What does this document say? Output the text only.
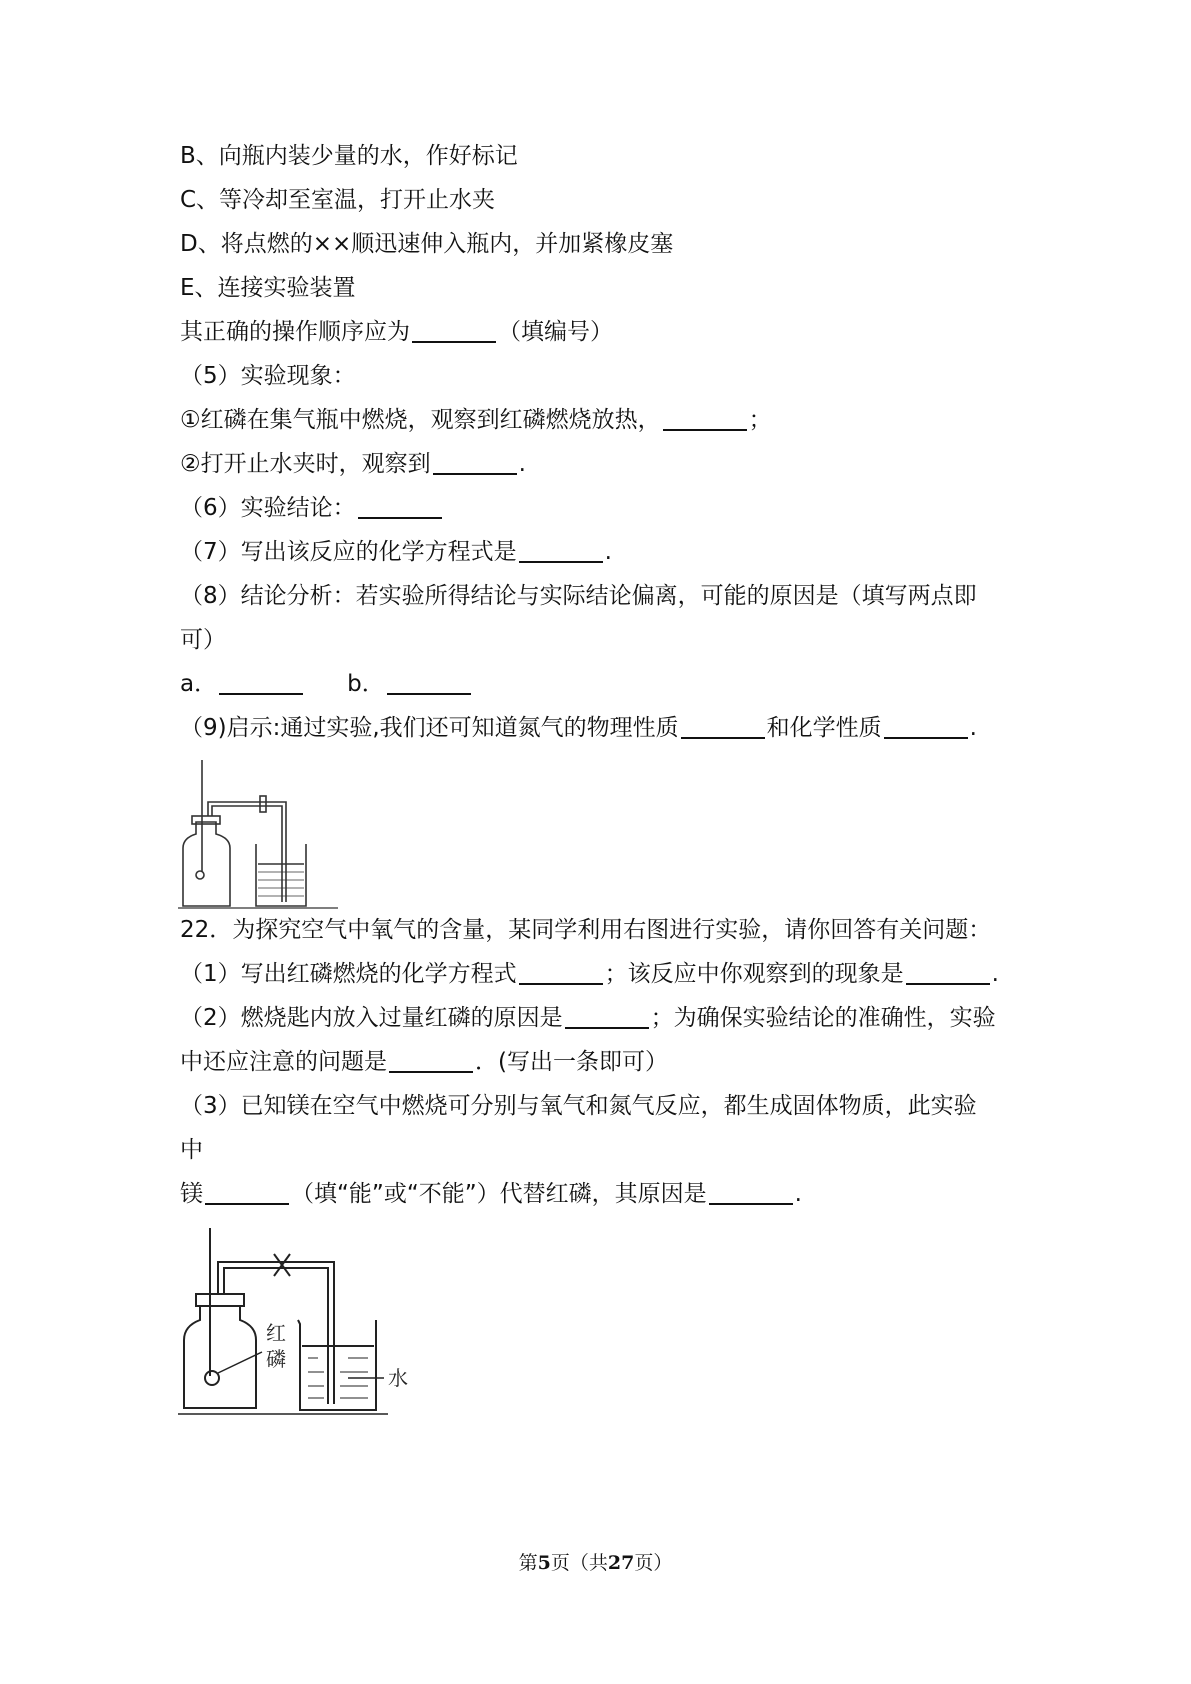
B、向瓶内装少量的水，作好标记
C、等冷却至室温，打开止水夹
D、将点燃的××顺迅速伸入瓶内，并加紧橡皮塞
E、连接实验装置
其正确的操作顺序应为	（填编号）
（5）实验现象：
①红磷在集气瓶中燃烧，观察到红磷燃烧放热，	；
②打开止水夹时，观察到	.
（6）实验结论：
（7）写出该反应的化学方程式是	.
（8）结论分析：若实验所得结论与实际结论偏离，可能的原因是（填写两点即
可）
a．	b．
（9)启示:通过实验,我们还可知道氮气的物理性质	和化学性质	.
22．为探究空气中氧气的含量，某同学利用右图进行实验，请你回答有关问题：
（1）写出红磷燃烧的化学方程式	；该反应中你观察到的现象是	.
（2）燃烧匙内放入过量红磷的原因是	；为确保实验结论的准确性，实验
中还应注意的问题是	．(写出一条即可）
（3）已知镁在空气中燃烧可分别与氧气和氮气反应，都生成固体物质，此实验
中
镁	（填“能”或“不能”）代替红磷，其原因是	.
红
磷
水
第5页（共27页）
